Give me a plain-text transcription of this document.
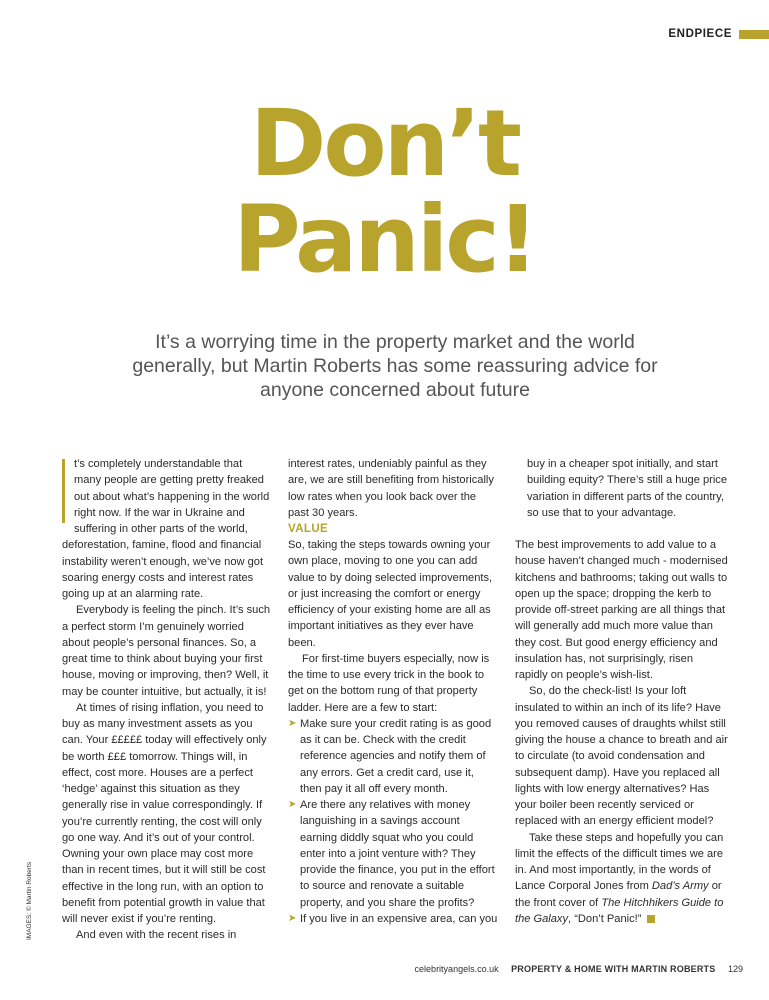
ENDPIECE
Don’t
Panic!

It’s a worrying time in the property market and the world generally, but Martin Roberts has some reassuring advice for anyone concerned about future

t’s completely understandable that many people are getting pretty freaked out about what’s happening in the world right now. If the war in Ukraine and suffering in other parts of the world, deforestation, famine, flood and financial instability weren’t enough, we’ve now got soaring energy costs and interest rates going up at an alarming rate.

Everybody is feeling the pinch. It’s such a perfect storm I’m genuinely worried about people’s personal finances. So, a great time to think about buying your first house, moving or improving, then? Well, it may be counter intuitive, but actually, it is!

At times of rising inflation, you need to buy as many investment assets as you can. Your £££££ today will effectively only be worth £££ tomorrow. Things will, in effect, cost more. Houses are a perfect ‘hedge’ against this situation as they generally rise in value correspondingly. If you’re currently renting, the cost will only go one way. And it’s out of your control. Owning your own place may cost more than in recent times, but it will still be cost effective in the long run, with an option to benefit from potential growth in value that will never exist if you’re renting.

And even with the recent rises in

interest rates, undeniably painful as they are, we are still benefiting from historically low rates when you look back over the past 30 years.

VALUE

So, taking the steps towards owning your own place, moving to one you can add value to by doing selected improvements, or just increasing the comfort or energy efficiency of your existing home are all as important initiatives as they ever have been.

For first-time buyers especially, now is the time to use every trick in the book to get on the bottom rung of that property ladder. Here are a few to start:

➤ Make sure your credit rating is as good as it can be. Check with the credit reference agencies and notify them of any errors. Get a credit card, use it, then pay it all off every month.

➤ Are there any relatives with money languishing in a savings account earning diddly squat who you could enter into a joint venture with? They provide the finance, you put in the effort to source and renovate a suitable property, and you share the profits?

➤ If you live in an expensive area, can you

buy in a cheaper spot initially, and start building equity? There’s still a huge price variation in different parts of the country, so use that to your advantage.

The best improvements to add value to a house haven’t changed much - modernised kitchens and bathrooms; taking out walls to open up the space; dropping the kerb to provide off-street parking are all things that will generally add much more value than they cost. But good energy efficiency and insulation has, not surprisingly, risen rapidly on people’s wish-list.

So, do the check-list! Is your loft insulated to within an inch of its life? Have you removed causes of draughts whilst still giving the house a chance to breath and air to circulate (to avoid condensation and subsequent damp). Have you replaced all lights with low energy alternatives? Has your boiler been recently serviced or replaced with an energy efficient model?

Take these steps and hopefully you can limit the effects of the difficult times we are in. And most importantly, in the words of Lance Corporal Jones from Dad’s Army or the front cover of The Hitchhikers Guide to the Galaxy, “Don’t Panic!”

IMAGES: © Martin Roberts
celebrityangels.co.uk PROPERTY & HOME WITH MARTIN ROBERTS 129
